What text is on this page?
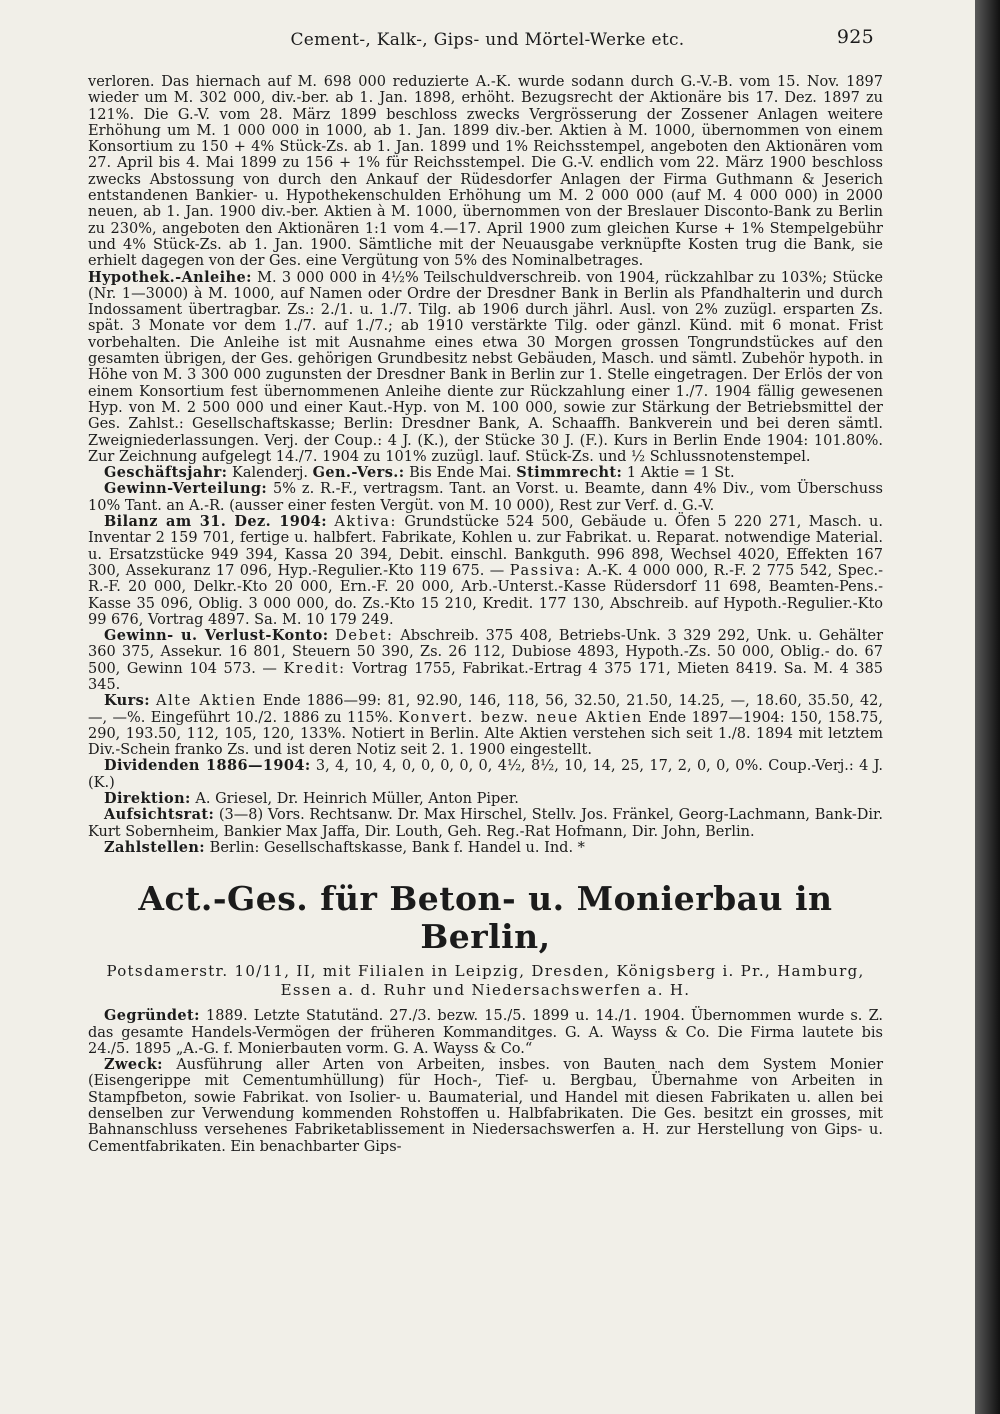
Cement-, Kalk-, Gips- und Mörtel-Werke etc.	925

verloren. Das hiernach auf M. 698 000 reduzierte A.-K. wurde sodann durch G.-V.-B. vom 15. Nov. 1897 wieder um M. 302 000, div.-ber. ab 1. Jan. 1898, erhöht. Bezugsrecht der Aktionäre bis 17. Dez. 1897 zu 121%. Die G.-V. vom 28. März 1899 beschloss zwecks Vergrösserung der Zossener Anlagen weitere Erhöhung um M. 1 000 000 in 1000, ab 1. Jan. 1899 div.-ber. Aktien à M. 1000, übernommen von einem Konsortium zu 150 + 4% Stück-Zs. ab 1. Jan. 1899 und 1% Reichsstempel, angeboten den Aktionären vom 27. April bis 4. Mai 1899 zu 156 + 1% für Reichsstempel. Die G.-V. endlich vom 22. März 1900 beschloss zwecks Abstossung von durch den Ankauf der Rüdesdorfer Anlagen der Firma Guthmann & Jeserich entstandenen Bankier- u. Hypothekenschulden Erhöhung um M. 2 000 000 (auf M. 4 000 000) in 2000 neuen, ab 1. Jan. 1900 div.-ber. Aktien à M. 1000, übernommen von der Breslauer Disconto-Bank zu Berlin zu 230%, angeboten den Aktionären 1:1 vom 4.—17. April 1900 zum gleichen Kurse + 1% Stempelgebühr und 4% Stück-Zs. ab 1. Jan. 1900. Sämtliche mit der Neuausgabe verknüpfte Kosten trug die Bank, sie erhielt dagegen von der Ges. eine Vergütung von 5% des Nominalbetrages.

Hypothek.-Anleihe: M. 3 000 000 in 4½% Teilschuldverschreib. von 1904, rückzahlbar zu 103%; Stücke (Nr. 1—3000) à M. 1000, auf Namen oder Ordre der Dresdner Bank in Berlin als Pfandhalterin und durch Indossament übertragbar. Zs.: 2./1. u. 1./7. Tilg. ab 1906 durch jährl. Ausl. von 2% zuzügl. ersparten Zs. spät. 3 Monate vor dem 1./7. auf 1./7.; ab 1910 verstärkte Tilg. oder gänzl. Künd. mit 6 monat. Frist vorbehalten. Die Anleihe ist mit Ausnahme eines etwa 30 Morgen grossen Tongrundstückes auf den gesamten übrigen, der Ges. gehörigen Grundbesitz nebst Gebäuden, Masch. und sämtl. Zubehör hypoth. in Höhe von M. 3 300 000 zugunsten der Dresdner Bank in Berlin zur 1. Stelle eingetragen. Der Erlös der von einem Konsortium fest übernommenen Anleihe diente zur Rückzahlung einer 1./7. 1904 fällig gewesenen Hyp. von M. 2 500 000 und einer Kaut.-Hyp. von M. 100 000, sowie zur Stärkung der Betriebsmittel der Ges. Zahlst.: Gesellschaftskasse; Berlin: Dresdner Bank, A. Schaaffh. Bankverein und bei deren sämtl. Zweigniederlassungen. Verj. der Coup.: 4 J. (K.), der Stücke 30 J. (F.). Kurs in Berlin Ende 1904: 101.80%. Zur Zeichnung aufgelegt 14./7. 1904 zu 101% zuzügl. lauf. Stück-Zs. und ½ Schlussnotenstempel.

Geschäftsjahr: Kalenderj. Gen.-Vers.: Bis Ende Mai. Stimmrecht: 1 Aktie = 1 St.

Gewinn-Verteilung: 5% z. R.-F., vertragsm. Tant. an Vorst. u. Beamte, dann 4% Div., vom Überschuss 10% Tant. an A.-R. (ausser einer festen Vergüt. von M. 10 000), Rest zur Verf. d. G.-V.

Bilanz am 31. Dez. 1904: Aktiva: Grundstücke 524 500, Gebäude u. Öfen 5 220 271, Masch. u. Inventar 2 159 701, fertige u. halbfert. Fabrikate, Kohlen u. zur Fabrikat. u. Reparat. notwendige Material. u. Ersatzstücke 949 394, Kassa 20 394, Debit. einschl. Bankguth. 996 898, Wechsel 4020, Effekten 167 300, Assekuranz 17 096, Hyp.-Regulier.-Kto 119 675. — Passiva: A.-K. 4 000 000, R.-F. 2 775 542, Spec.-R.-F. 20 000, Delkr.-Kto 20 000, Ern.-F. 20 000, Arb.-Unterst.-Kasse Rüdersdorf 11 698, Beamten-Pens.-Kasse 35 096, Oblig. 3 000 000, do. Zs.-Kto 15 210, Kredit. 177 130, Abschreib. auf Hypoth.-Regulier.-Kto 99 676, Vortrag 4897. Sa. M. 10 179 249.

Gewinn- u. Verlust-Konto: Debet: Abschreib. 375 408, Betriebs-Unk. 3 329 292, Unk. u. Gehälter 360 375, Assekur. 16 801, Steuern 50 390, Zs. 26 112, Dubiose 4893, Hypoth.-Zs. 50 000, Oblig.- do. 67 500, Gewinn 104 573. — Kredit: Vortrag 1755, Fabrikat.-Ertrag 4 375 171, Mieten 8419. Sa. M. 4 385 345.

Kurs: Alte Aktien Ende 1886—99: 81, 92.90, 146, 118, 56, 32.50, 21.50, 14.25, —, 18.60, 35.50, 42, —, —%. Eingeführt 10./2. 1886 zu 115%. Konvert. bezw. neue Aktien Ende 1897—1904: 150, 158.75, 290, 193.50, 112, 105, 120, 133%. Notiert in Berlin. Alte Aktien verstehen sich seit 1./8. 1894 mit letztem Div.-Schein franko Zs. und ist deren Notiz seit 2. 1. 1900 eingestellt.

Dividenden 1886—1904: 3, 4, 10, 4, 0, 0, 0, 0, 0, 4½, 8½, 10, 14, 25, 17, 2, 0, 0, 0%. Coup.-Verj.: 4 J. (K.)

Direktion: A. Griesel, Dr. Heinrich Müller, Anton Piper.

Aufsichtsrat: (3—8) Vors. Rechtsanw. Dr. Max Hirschel, Stellv. Jos. Fränkel, Georg-Lachmann, Bank-Dir. Kurt Sobernheim, Bankier Max Jaffa, Dir. Louth, Geh. Reg.-Rat Hofmann, Dir. John, Berlin.

Zahlstellen: Berlin: Gesellschaftskasse, Bank f. Handel u. Ind. *

Act.-Ges. für Beton- u. Monierbau in Berlin,
Potsdamerstr. 10/11, II, mit Filialen in Leipzig, Dresden, Königsberg i. Pr., Hamburg, Essen a. d. Ruhr und Niedersachswerfen a. H.

Gegründet: 1889. Letzte Statutänd. 27./3. bezw. 15./5. 1899 u. 14./1. 1904. Übernommen wurde s. Z. das gesamte Handels-Vermögen der früheren Kommanditges. G. A. Wayss & Co. Die Firma lautete bis 24./5. 1895 „A.-G. f. Monierbauten vorm. G. A. Wayss & Co.“

Zweck: Ausführung aller Arten von Arbeiten, insbes. von Bauten nach dem System Monier (Eisengerippe mit Cementumhüllung) für Hoch-, Tief- u. Bergbau, Übernahme von Arbeiten in Stampfbeton, sowie Fabrikat. von Isolier- u. Baumaterial, und Handel mit diesen Fabrikaten u. allen bei denselben zur Verwendung kommenden Rohstoffen u. Halbfabrikaten. Die Ges. besitzt ein grosses, mit Bahnanschluss versehenes Fabriketablissement in Niedersachswerfen a. H. zur Herstellung von Gips- u. Cementfabrikaten. Ein benachbarter Gips-
